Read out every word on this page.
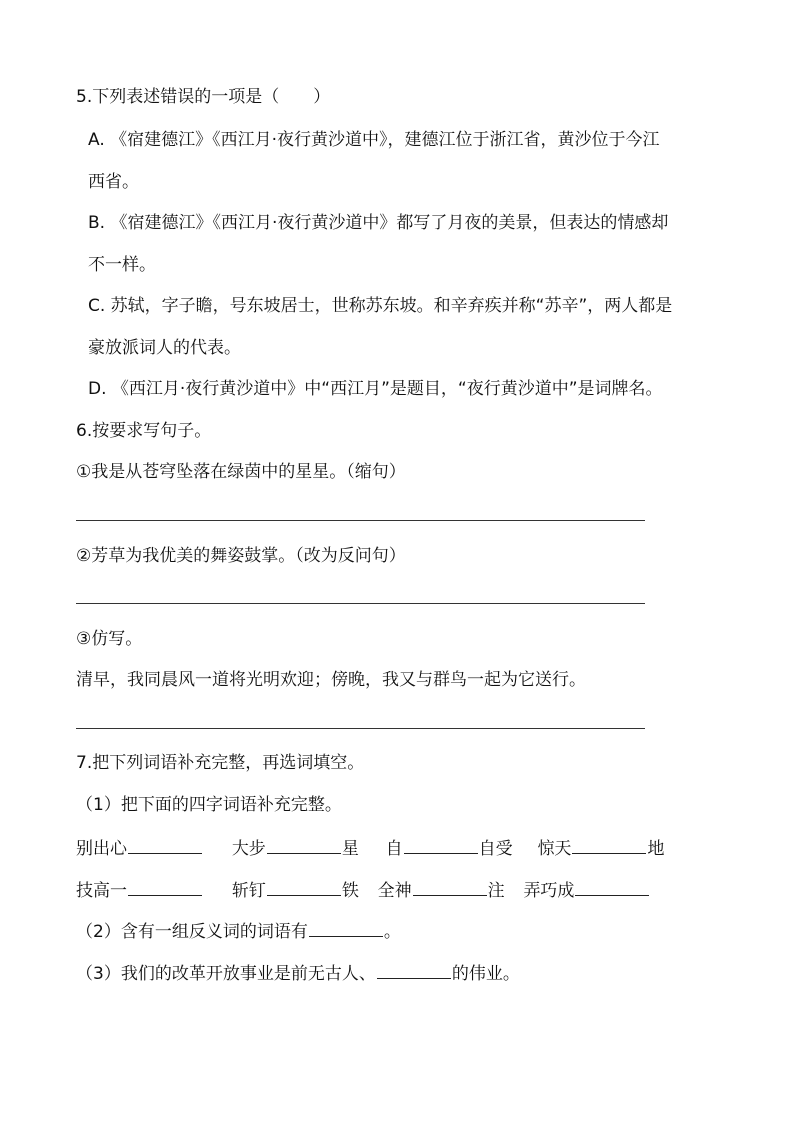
5.下列表述错误的一项是（　　）
A. 《宿建德江》《西江月·夜行黄沙道中》，建德江位于浙江省，黄沙位于今江
西省。
B. 《宿建德江》《西江月·夜行黄沙道中》都写了月夜的美景，但表达的情感却
不一样。
C. 苏轼，字子瞻，号东坡居士，世称苏东坡。和辛弃疾并称“苏辛”，两人都是
豪放派词人的代表。
D. 《西江月·夜行黄沙道中》中“西江月”是题目，“夜行黄沙道中”是词牌名。
6.按要求写句子。
①我是从苍穹坠落在绿茵中的星星。（缩句）
②芳草为我优美的舞姿鼓掌。（改为反问句）
③仿写。
清早，我同晨风一道将光明欢迎；傍晚，我又与群鸟一起为它送行。
7.把下列词语补充完整，再选词填空。
（1）把下面的四字词语补充完整。
别出心	大步	星 自	自受 惊天	地
技高一	斩钉	铁 全神	注 弄巧成
（2）含有一组反义词的词语有	。
（3）我们的改革开放事业是前无古人、	的伟业。
